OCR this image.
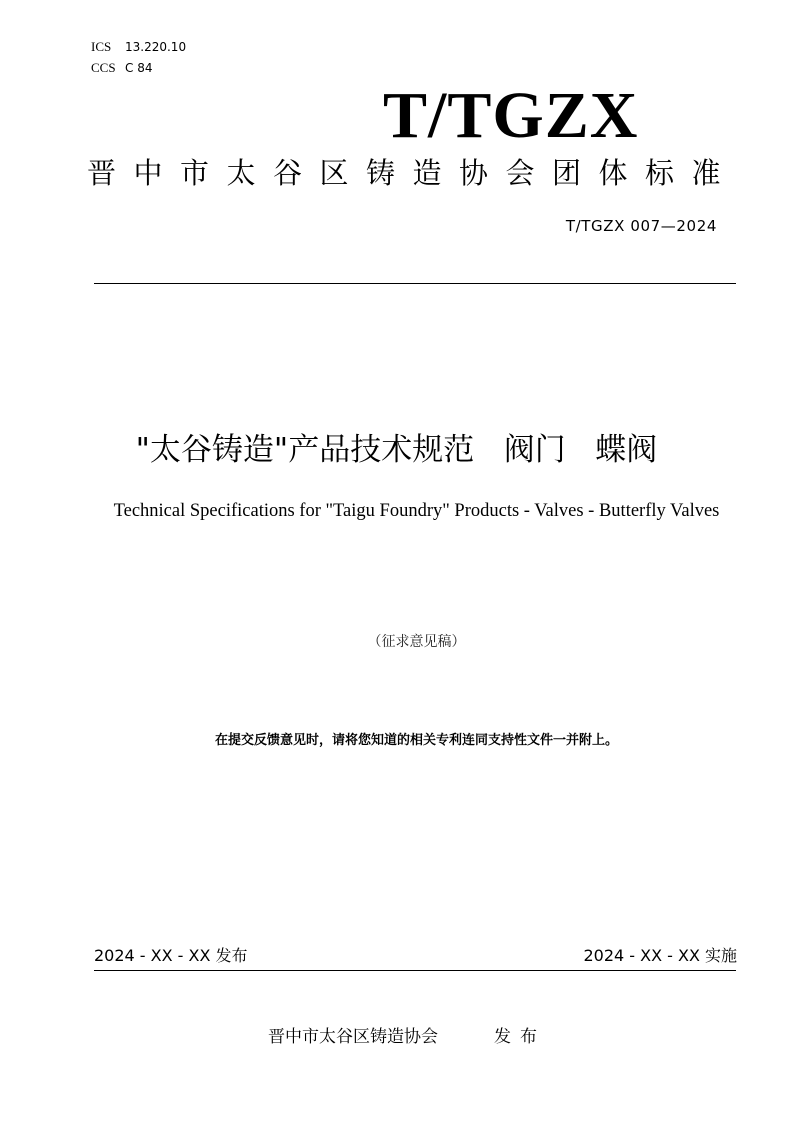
ICS 13.220.10
CCS C 84
T/TGZX
晋中市太谷区铸造协会团体标准
T/TGZX 007—2024
"太谷铸造"产品技术规范   阀门   蝶阀
Technical Specifications for "Taigu Foundry" Products - Valves - Butterfly Valves
（征求意见稿）
在提交反馈意见时，请将您知道的相关专利连同支持性文件一并附上。
2024 - XX - XX 发布	2024 - XX - XX 实施
晋中市太谷区铸造协会	发布
